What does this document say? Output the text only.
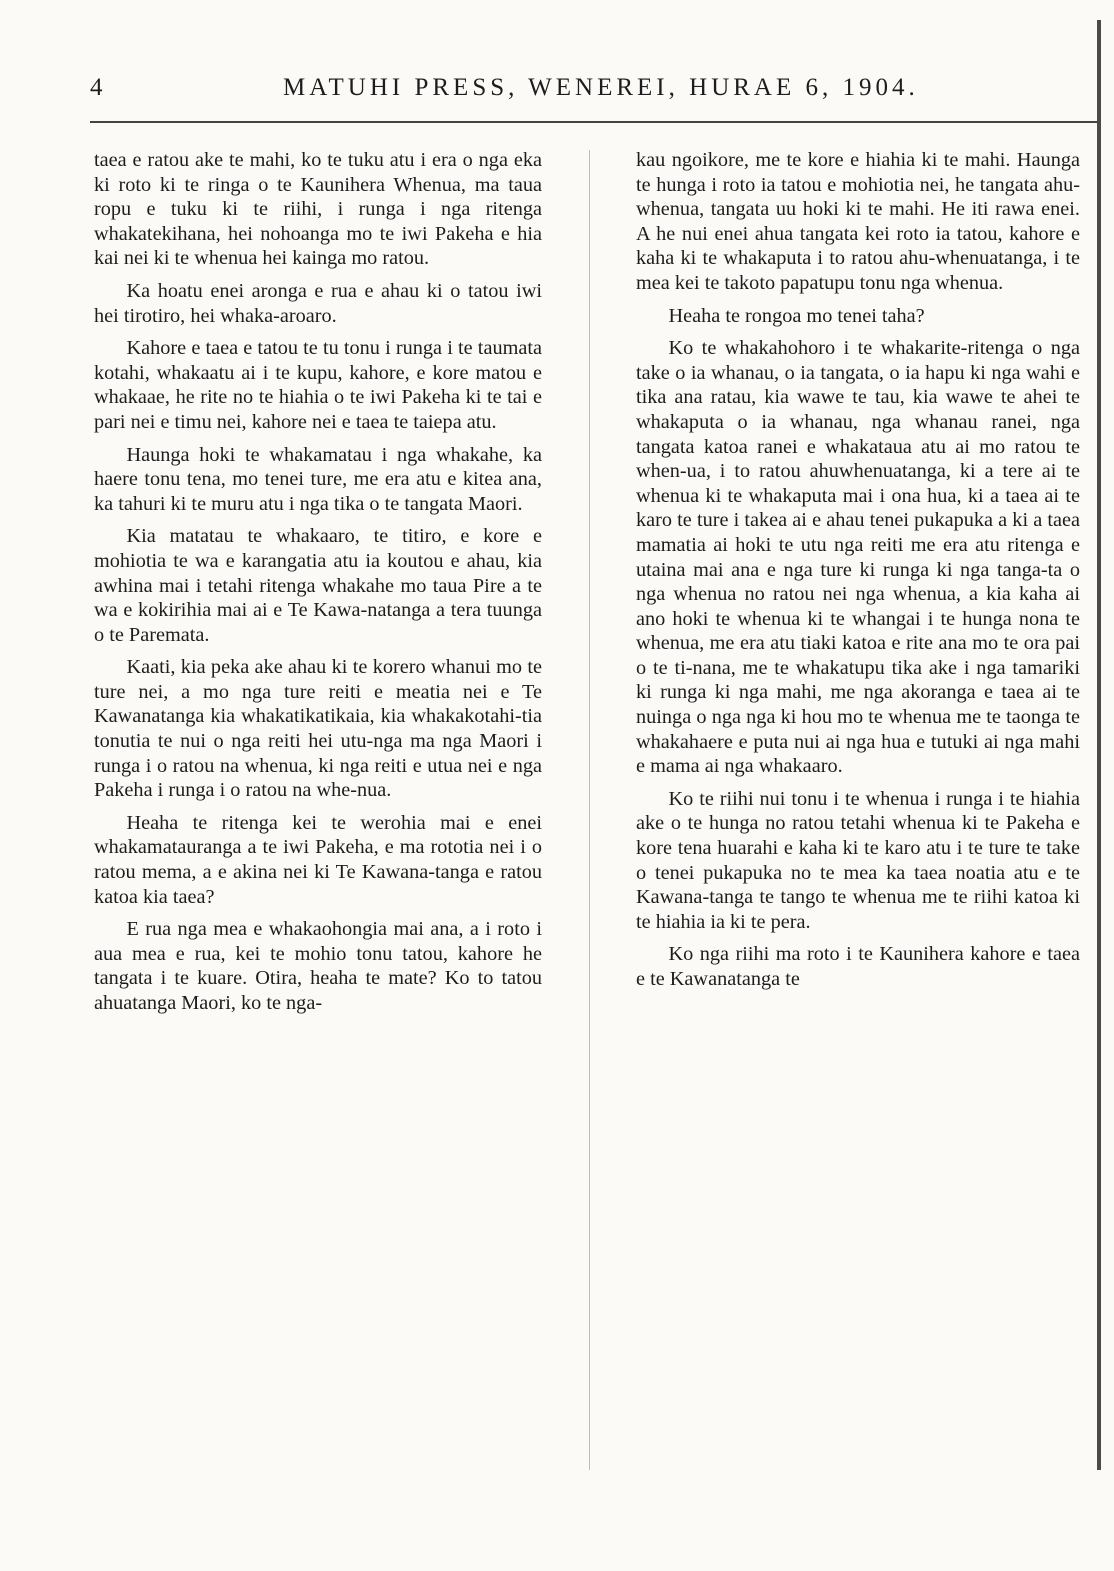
4	MATUHI PRESS, WENEREI, HURAE 6, 1904.

taea e ratou ake te mahi, ko te tuku atu i era o nga eka ki roto ki te ringa o te Kaunihera Whenua, ma taua ropu e tuku ki te riihi, i runga i nga ritenga whakatekihana, hei nohoanga mo te iwi Pakeha e hia kai nei ki te whenua hei kainga mo ratou.

Ka hoatu enei aronga e rua e ahau ki o tatou iwi hei tirotiro, hei whaka-aroaro.

Kahore e taea e tatou te tu tonu i runga i te taumata kotahi, whakaatu ai i te kupu, kahore, e kore matou e whakaae, he rite no te hiahia o te iwi Pakeha ki te tai e pari nei e timu nei, kahore nei e taea te taiepa atu.

Haunga hoki te whakamatau i nga whakahe, ka haere tonu tena, mo tenei ture, me era atu e kitea ana, ka tahuri ki te muru atu i nga tika o te tangata Maori.

Kia matatau te whakaaro, te titiro, e kore e mohiotia te wa e karangatia atu ia koutou e ahau, kia awhina mai i tetahi ritenga whakahe mo taua Pire a te wa e kokirihia mai ai e Te Kawa-natanga a tera tuunga o te Paremata.

Kaati, kia peka ake ahau ki te korero whanui mo te ture nei, a mo nga ture reiti e meatia nei e Te Kawanatanga kia whakatikatikaia, kia whakakotahi-tia tonutia te nui o nga reiti hei utu-nga ma nga Maori i runga i o ratou na whenua, ki nga reiti e utua nei e nga Pakeha i runga i o ratou na whe-nua.

Heaha te ritenga kei te werohia mai e enei whakamatauranga a te iwi Pakeha, e ma rototia nei i o ratou mema, a e akina nei ki Te Kawana-tanga e ratou katoa kia taea?

E rua nga mea e whakaohongia mai ana, a i roto i aua mea e rua, kei te mohio tonu tatou, kahore he tangata i te kuare. Otira, heaha te mate? Ko to tatou ahuatanga Maori, ko te nga-

kau ngoikore, me te kore e hiahia ki te mahi. Haunga te hunga i roto ia tatou e mohiotia nei, he tangata ahu-whenua, tangata uu hoki ki te mahi. He iti rawa enei. A he nui enei ahua tangata kei roto ia tatou, kahore e kaha ki te whakaputa i to ratou ahu-whenuatanga, i te mea kei te takoto papatupu tonu nga whenua.

Heaha te rongoa mo tenei taha?

Ko te whakahohoro i te whakarite-ritenga o nga take o ia whanau, o ia tangata, o ia hapu ki nga wahi e tika ana ratau, kia wawe te tau, kia wawe te ahei te whakaputa o ia whanau, nga whanau ranei, nga tangata katoa ranei e whakataua atu ai mo ratou te when-ua, i to ratou ahuwhenuatanga, ki a tere ai te whenua ki te whakaputa mai i ona hua, ki a taea ai te karo te ture i takea ai e ahau tenei pukapuka a ki a taea mamatia ai hoki te utu nga reiti me era atu ritenga e utaina mai ana e nga ture ki runga ki nga tanga-ta o nga whenua no ratou nei nga whenua, a kia kaha ai ano hoki te whenua ki te whangai i te hunga nona te whenua, me era atu tiaki katoa e rite ana mo te ora pai o te ti-nana, me te whakatupu tika ake i nga tamariki ki runga ki nga mahi, me nga akoranga e taea ai te nuinga o nga nga ki hou mo te whenua me te taonga te whakahaere e puta nui ai nga hua e tutuki ai nga mahi e mama ai nga whakaaro.

Ko te riihi nui tonu i te whenua i runga i te hiahia ake o te hunga no ratou tetahi whenua ki te Pakeha e kore tena huarahi e kaha ki te karo atu i te ture te take o tenei pukapuka no te mea ka taea noatia atu e te Kawana-tanga te tango te whenua me te riihi katoa ki te hiahia ia ki te pera.

Ko nga riihi ma roto i te Kaunihera kahore e taea e te Kawanatanga te
